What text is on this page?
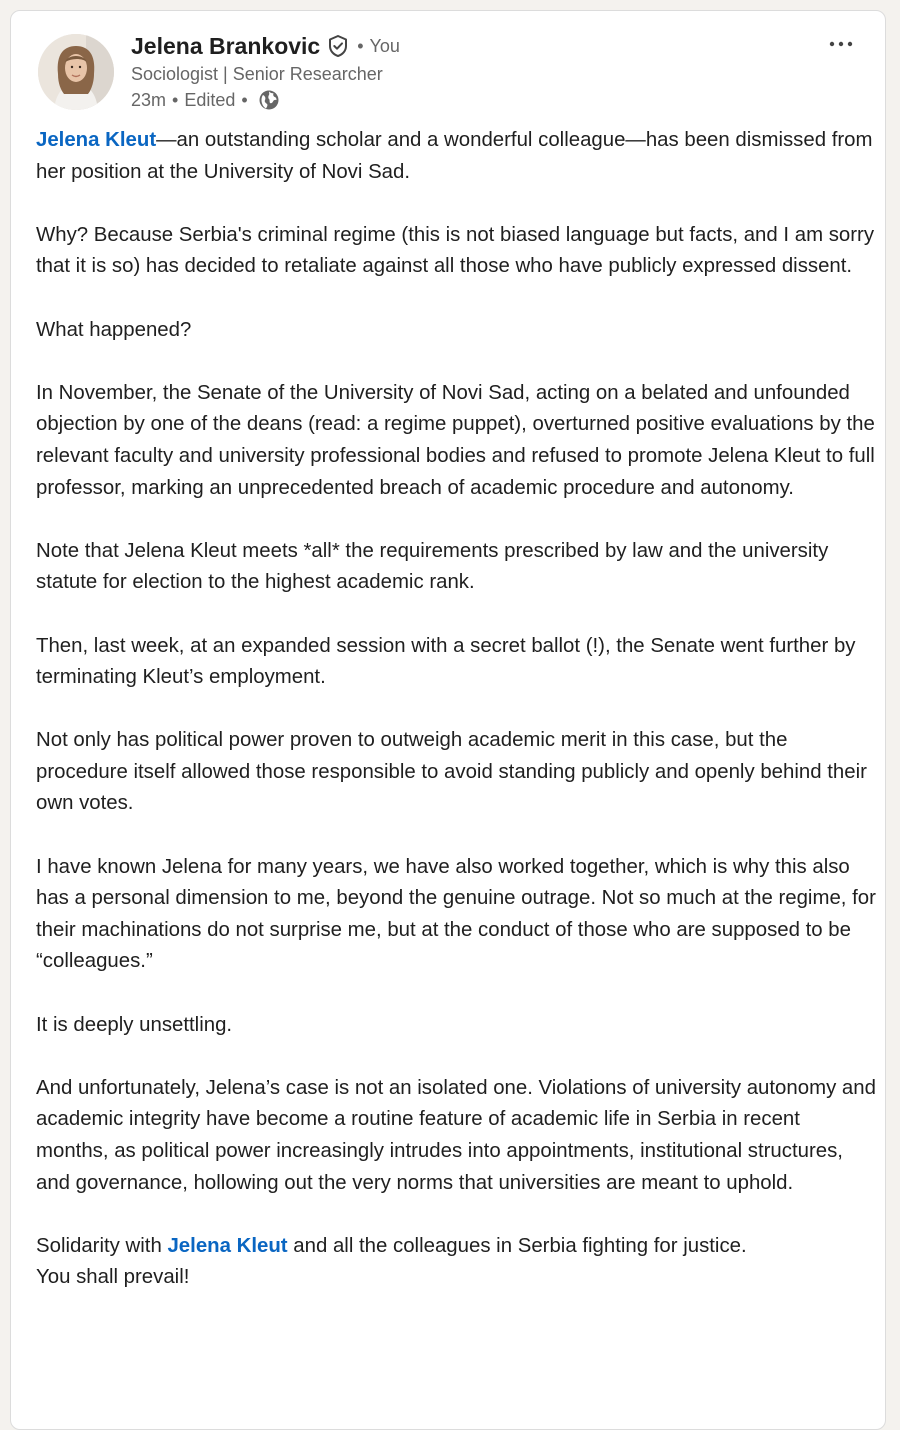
Jelena Brankovic • You
Sociologist | Senior Researcher
23m • Edited •

Jelena Kleut—an outstanding scholar and a wonderful colleague—has been dismissed from her position at the University of Novi Sad.

Why? Because Serbia's criminal regime (this is not biased language but facts, and I am sorry that it is so) has decided to retaliate against all those who have publicly expressed dissent.

What happened?

In November, the Senate of the University of Novi Sad, acting on a belated and unfounded objection by one of the deans (read: a regime puppet), overturned positive evaluations by the relevant faculty and university professional bodies and refused to promote Jelena Kleut to full professor, marking an unprecedented breach of academic procedure and autonomy.

Note that Jelena Kleut meets *all* the requirements prescribed by law and the university statute for election to the highest academic rank.

Then, last week, at an expanded session with a secret ballot (!), the Senate went further by terminating Kleut’s employment.

Not only has political power proven to outweigh academic merit in this case, but the procedure itself allowed those responsible to avoid standing publicly and openly behind their own votes.

I have known Jelena for many years, we have also worked together, which is why this also has a personal dimension to me, beyond the genuine outrage. Not so much at the regime, for their machinations do not surprise me, but at the conduct of those who are supposed to be “colleagues.”

It is deeply unsettling.

And unfortunately, Jelena’s case is not an isolated one. Violations of university autonomy and academic integrity have become a routine feature of academic life in Serbia in recent months, as political power increasingly intrudes into appointments, institutional structures, and governance, hollowing out the very norms that universities are meant to uphold.

Solidarity with Jelena Kleut and all the colleagues in Serbia fighting for justice.
You shall prevail!
